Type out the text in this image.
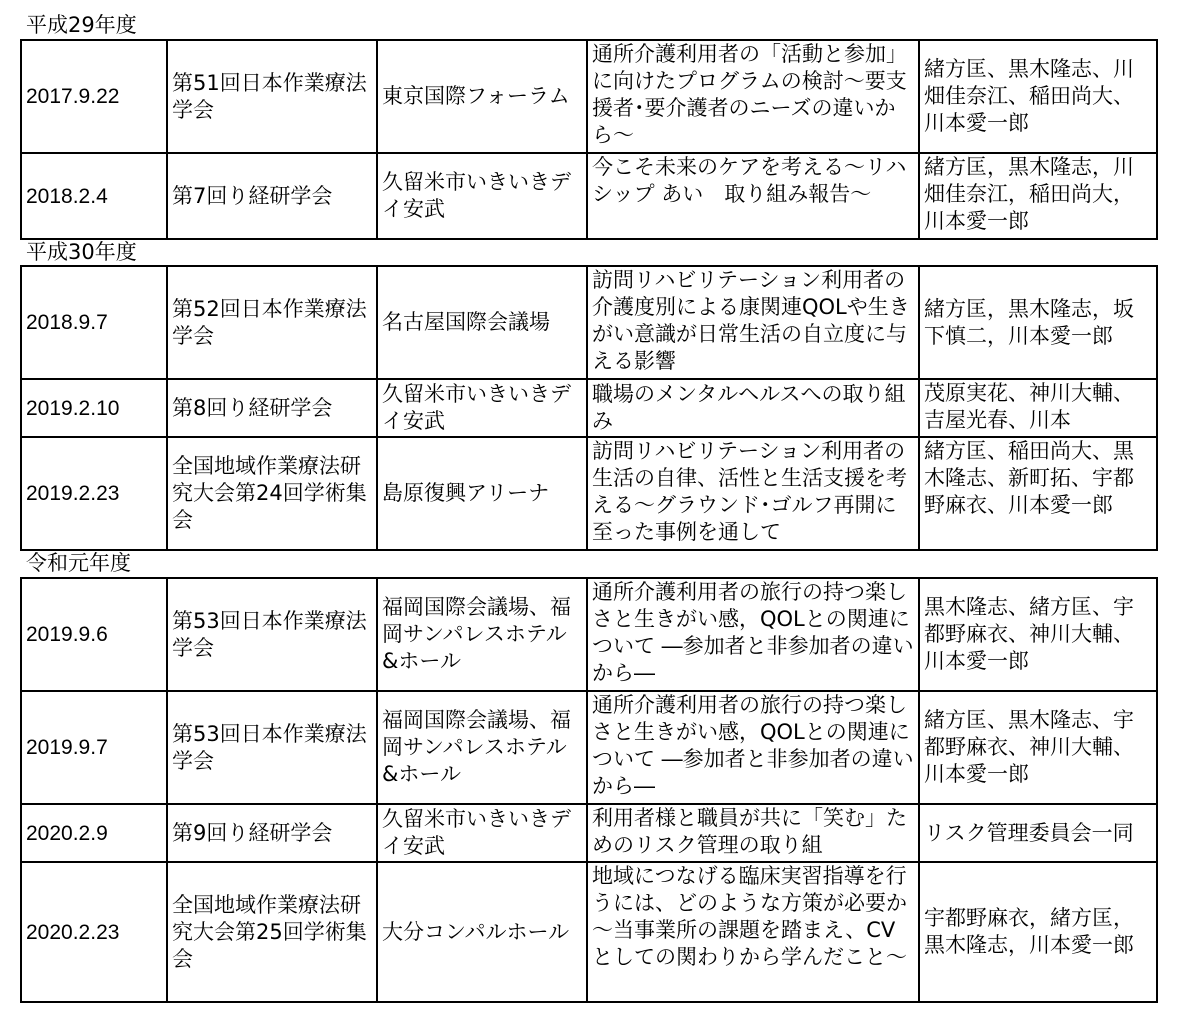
平成29年度
2017.9.22	第51回日本作業療法学会	東京国際フォーラム	通所介護利用者の「活動と参加」に向けたプログラムの検討～要支援者･要介護者のニーズの違いから～	緒方匡、黒木隆志、川畑佳奈江、稲田尚大、川本愛一郎
2018.2.4	第7回り経研学会	久留米市いきいきデイ安武	今こそ未来のケアを考える～リハシップ あい　取り組み報告～	緒方匡，黒木隆志，川畑佳奈江，稲田尚大，川本愛一郎
平成30年度
2018.9.7	第52回日本作業療法学会	名古屋国際会議場	訪問リハビリテーション利用者の介護度別による康関連QOLや生きがい意識が日常生活の自立度に与える影響	緒方匡，黒木隆志，坂下慎二，川本愛一郎
2019.2.10	第8回り経研学会	久留米市いきいきデイ安武	職場のメンタルヘルスへの取り組み	茂原実花、神川大輔、吉屋光春、川本

2019.2.23	全国地域作業療法研究大会第24回学術集会	島原復興アリーナ	訪問リハビリテーション利用者の生活の自律、活性と生活支援を考える～グラウンド･ゴルフ再開に至った事例を通して	緒方匡、稲田尚大、黒木隆志、新町拓、宇都野麻衣、川本愛一郎
令和元年度
2019.9.6	第53回日本作業療法学会	福岡国際会議場、福岡サンパレスホテル&ホール	通所介護利用者の旅行の持つ楽しさと生きがい感，QOLとの関連について ―参加者と非参加者の違いから―	黒木隆志、緒方匡、宇都野麻衣、神川大輔、川本愛一郎
2019.9.7	第53回日本作業療法学会	福岡国際会議場、福岡サンパレスホテル&ホール	通所介護利用者の旅行の持つ楽しさと生きがい感，QOLとの関連について ―参加者と非参加者の違いから―	緒方匡、黒木隆志、宇都野麻衣、神川大輔、川本愛一郎
2020.2.9	第9回り経研学会	久留米市いきいきデイ安武	利用者様と職員が共に「笑む」ためのリスク管理の取り組	リスク管理委員会一同
2020.2.23	全国地域作業療法研究大会第25回学術集会	大分コンパルホール	地域につなげる臨床実習指導を行うには、どのような方策が必要か～当事業所の課題を踏まえ、CVとしての関わりから学んだこと～	宇都野麻衣，緒方匡，黒木隆志，川本愛一郎
